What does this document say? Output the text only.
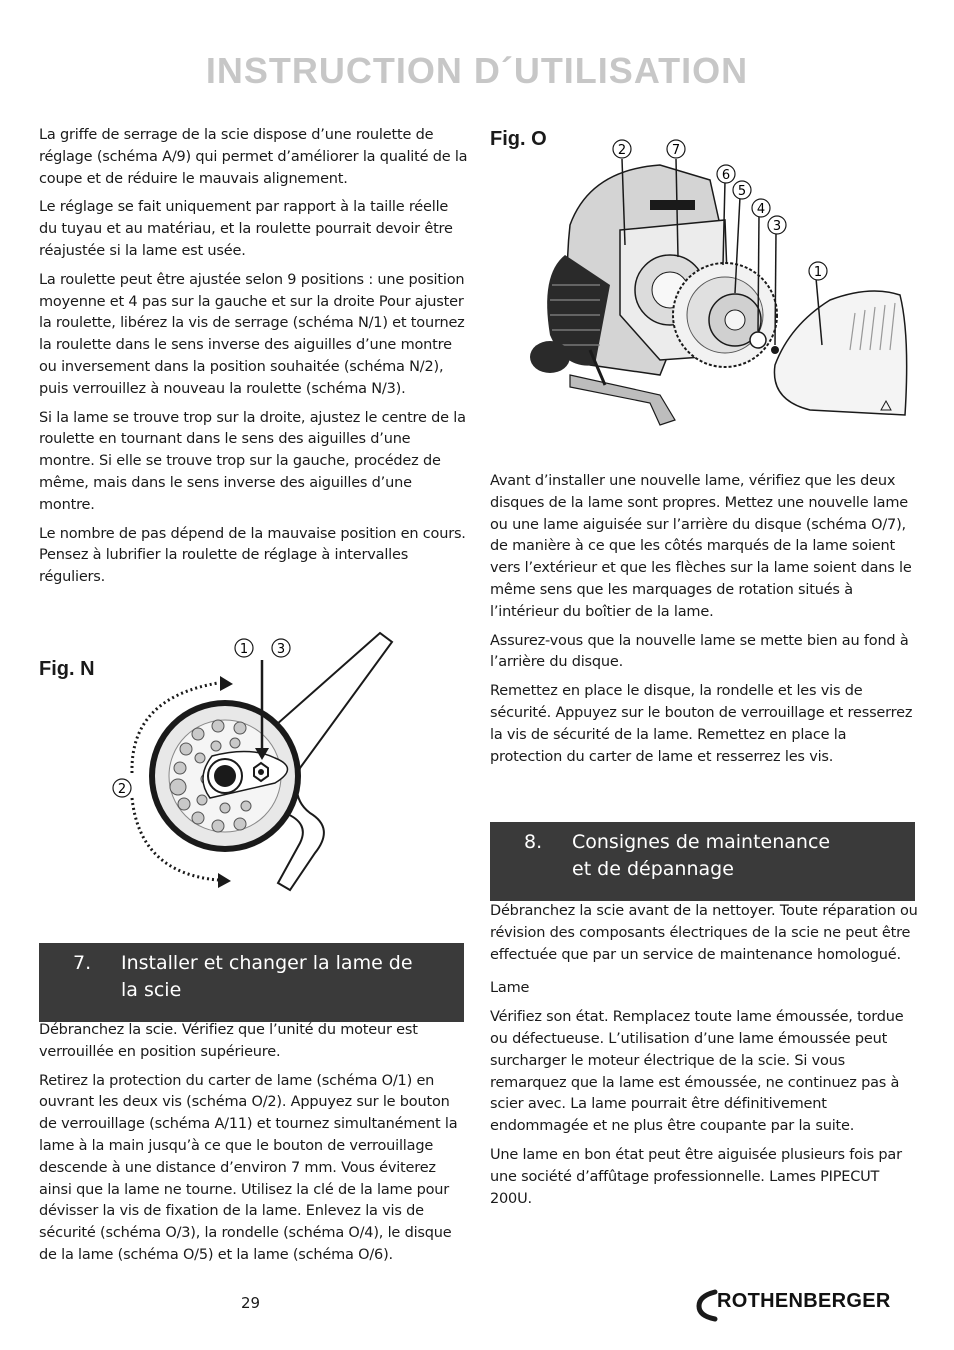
INSTRUCTION D´UTILISATION

La griffe de serrage de la scie dispose d’une roulette de réglage (schéma A/9) qui permet d’améliorer la qualité de la coupe et de réduire le mauvais alignement.

Le réglage se fait uniquement par rapport à la taille réelle du tuyau et au matériau, et la roulette pourrait devoir être réajustée si la lame est usée.

La roulette peut être ajustée selon 9 positions : une position moyenne et 4 pas sur la gauche et sur la droite Pour ajuster la roulette, libérez la vis de serrage (schéma N/1) et tournez la roulette dans le sens inverse des aiguilles d’une montre ou inversement dans la position souhaitée (schéma N/2), puis verrouillez à nouveau la roulette (schéma N/3).

Si la lame se trouve trop sur la droite, ajustez le centre de la roulette en tournant dans le sens des aiguilles d’une montre. Si elle se trouve trop sur la gauche, procédez de même, mais dans le sens inverse des aiguilles d’une montre.

Le nombre de pas dépend de la mauvaise position en cours. Pensez à lubrifier la roulette de réglage à intervalles réguliers.

Fig. N
1 3
2
7. Installer et changer la lame de la scie

Débranchez la scie. Vérifiez que l’unité du moteur est verrouillée en position supérieure.

Retirez la protection du carter de lame (schéma O/1) en ouvrant les deux vis (schéma O/2). Appuyez sur le bouton de verrouillage (schéma A/11) et tournez simultanément la lame à la main jusqu’à ce que le bouton de verrouillage descende à une distance d’environ 7 mm. Vous éviterez ainsi que la lame ne tourne. Utilisez la clé de la lame pour dévisser la vis de fixation de la lame. Enlevez la vis de sécurité (schéma O/3), la rondelle (schéma O/4), le disque de la lame (schéma O/5) et la lame (schéma O/6).

Fig. O
2	7
6
5
4
3
1

Avant d’installer une nouvelle lame, vérifiez que les deux disques de la lame sont propres. Mettez une nouvelle lame ou une lame aiguisée sur l’arrière du disque (schéma O/7), de manière à ce que les côtés marqués de la lame soient vers l’extérieur et que les flèches sur la lame soient dans le même sens que les marquages de rotation situés à l’intérieur du boîtier de la lame.

Assurez-vous que la nouvelle lame se mette bien au fond à l’arrière du disque.

Remettez en place le disque, la rondelle et les vis de sécurité. Appuyez sur le bouton de verrouillage et resserrez la vis de sécurité de la lame. Remettez en place la protection du carter de lame et resserrez les vis.

8. Consignes de maintenance et de dépannage

Débranchez la scie avant de la nettoyer. Toute réparation ou révision des composants électriques de la scie ne peut être effectuée que par un service de maintenance homologué.

Lame

Vérifiez son état. Remplacez toute lame émoussée, tordue ou défectueuse. L’utilisation d’une lame émoussée peut surcharger le moteur électrique de la scie. Si vous remarquez que la lame est émoussée, ne continuez pas à scier avec. La lame pourrait être définitivement endommagée et ne plus être coupante par la suite.

Une lame en bon état peut être aiguisée plusieurs fois par une société d’affûtage professionnelle. Lames PIPECUT 200U.

29	ROTHENBERGER
